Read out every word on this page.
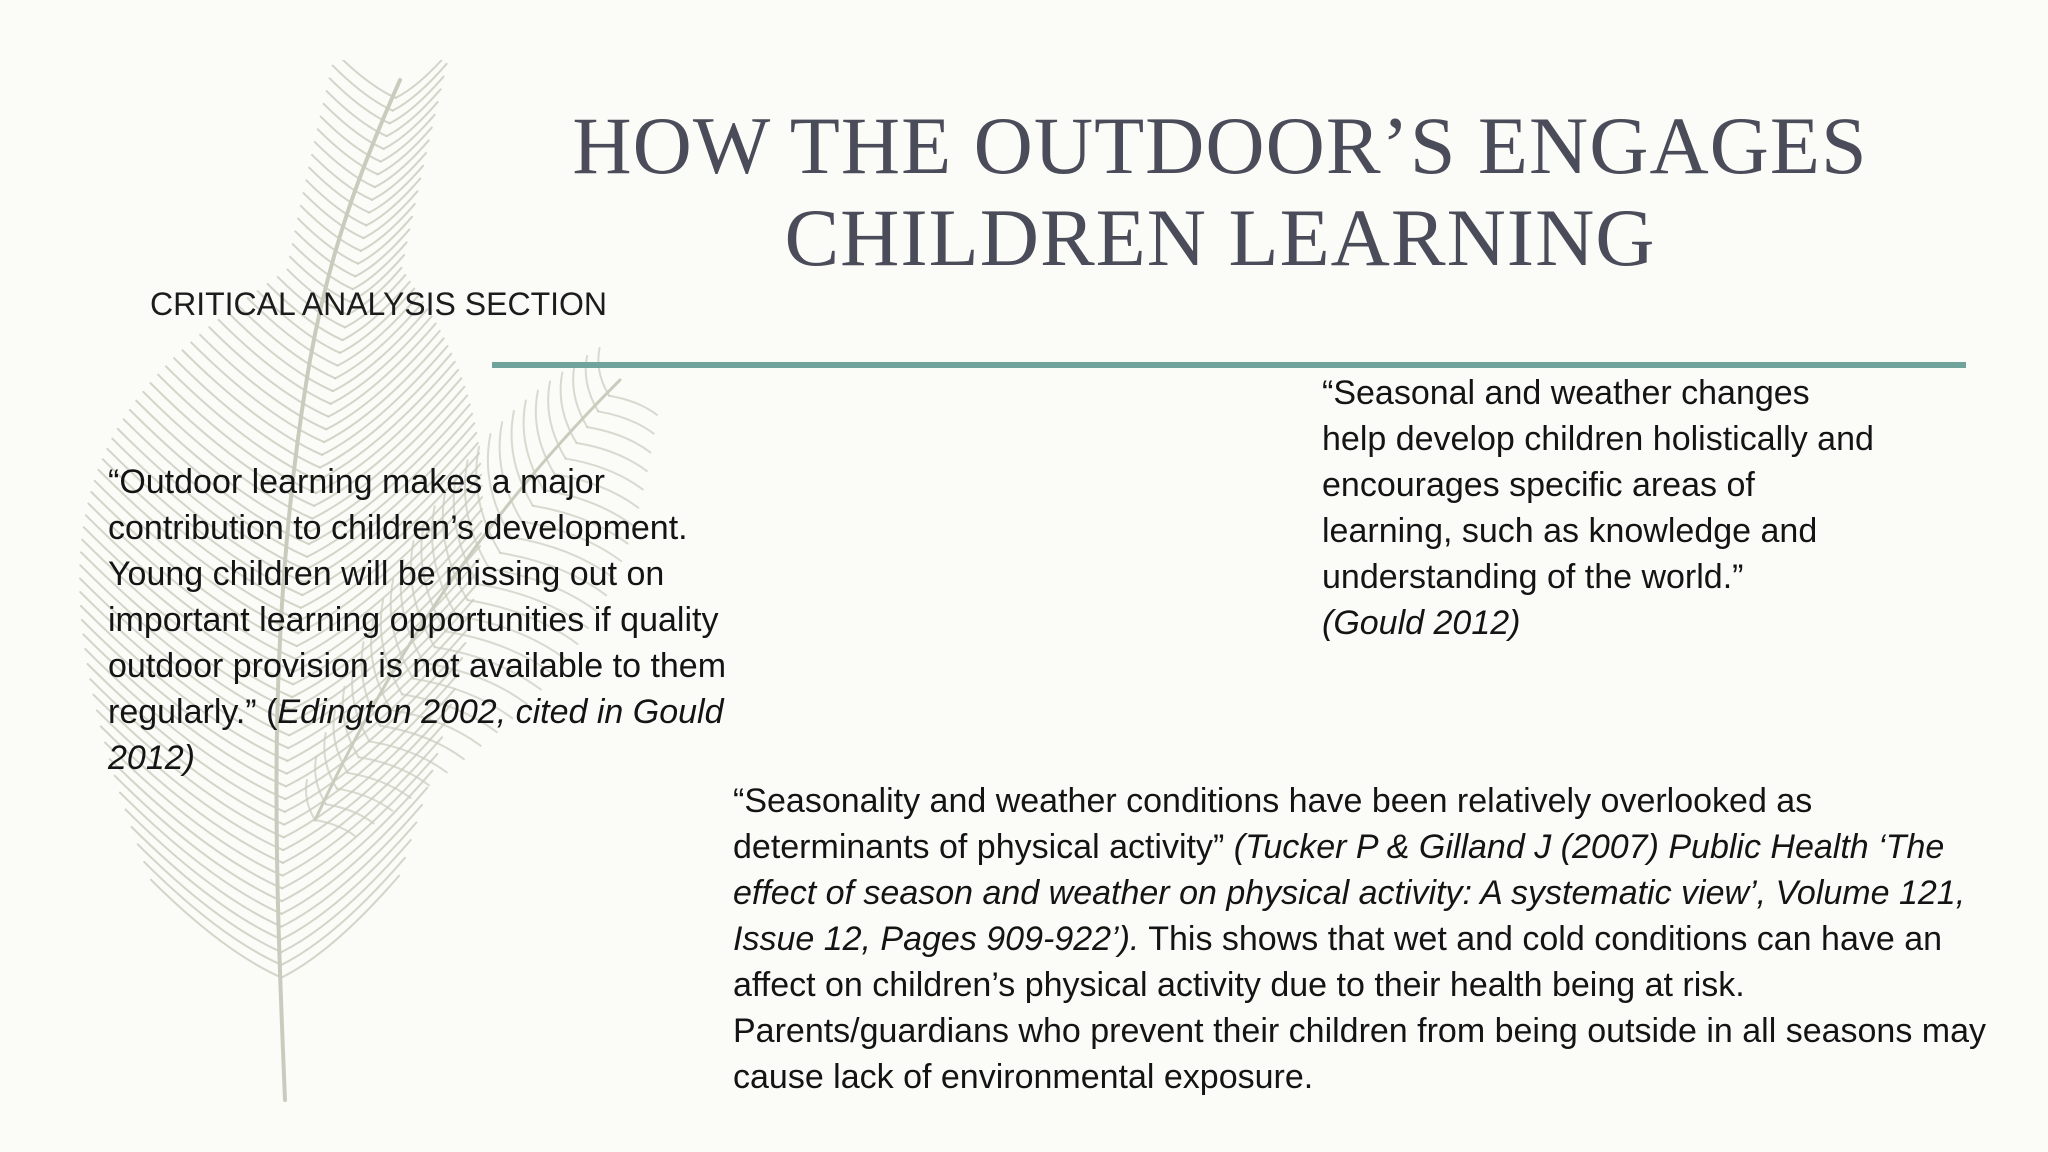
HOW THE OUTDOOR’S ENGAGES
CHILDREN LEARNING
CRITICAL ANALYSIS SECTION
“Outdoor learning makes a major contribution to children’s development. Young children will be missing out on important learning opportunities if quality outdoor provision is not available to them regularly.” (Edington 2002, cited in Gould 2012)
“Seasonal and weather changes help develop children holistically and encourages specific areas of learning, such as knowledge and understanding of the world.”
(Gould 2012)
“Seasonality and weather conditions have been relatively overlooked as determinants of physical activity” (Tucker P & Gilland J (2007) Public Health ‘The effect of season and weather on physical activity: A systematic view’, Volume 121, Issue 12, Pages 909-922’). This shows that wet and cold conditions can have an affect on children’s physical activity due to their health being at risk. Parents/guardians who prevent their children from being outside in all seasons may cause lack of environmental exposure.
